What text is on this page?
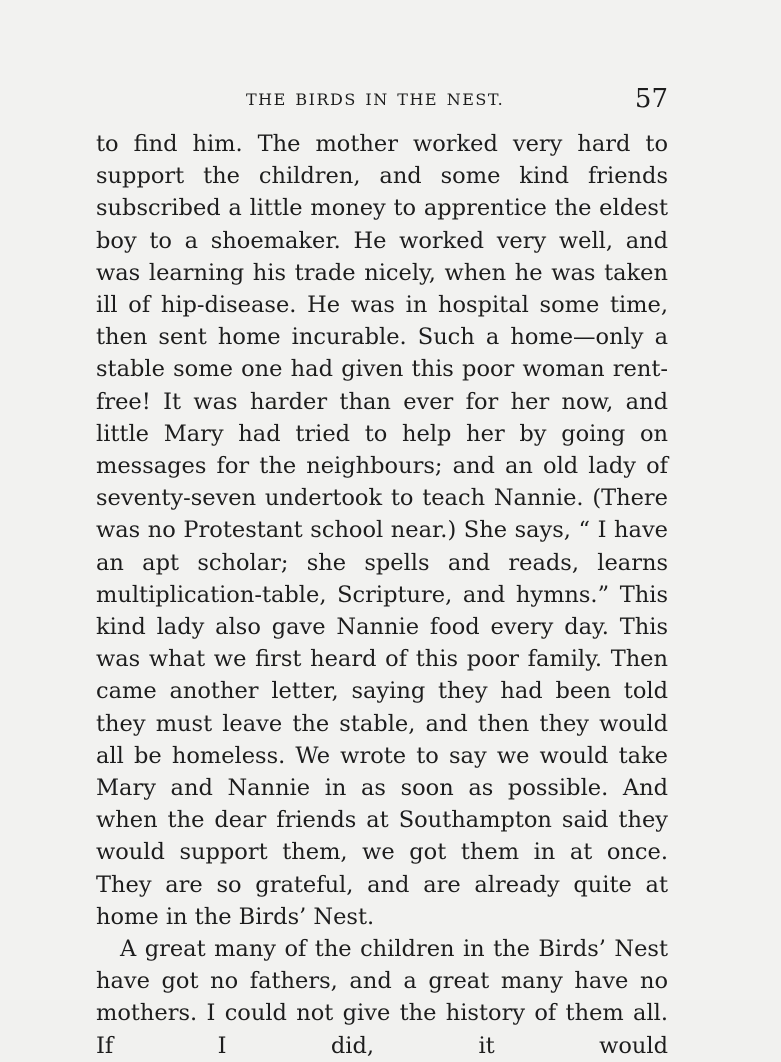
THE BIRDS IN THE NEST.	57

to find him. The mother worked very hard to support the children, and some kind friends subscribed a little money to apprentice the eldest boy to a shoemaker. He worked very well, and was learning his trade nicely, when he was taken ill of hip-disease. He was in hospital some time, then sent home incurable. Such a home—only a stable some one had given this poor woman rent-free! It was harder than ever for her now, and little Mary had tried to help her by going on messages for the neighbours; and an old lady of seventy-seven undertook to teach Nannie. (There was no Protestant school near.) She says, “ I have an apt scholar; she spells and reads, learns multiplication-table, Scripture, and hymns.” This kind lady also gave Nannie food every day. This was what we first heard of this poor family. Then came another letter, saying they had been told they must leave the stable, and then they would all be homeless. We wrote to say we would take Mary and Nannie in as soon as possible. And when the dear friends at Southampton said they would support them, we got them in at once. They are so grateful, and are already quite at home in the Birds’ Nest.

A great many of the children in the Birds’ Nest have got no fathers, and a great many have no mothers. I could not give the history of them all. If I did, it would
